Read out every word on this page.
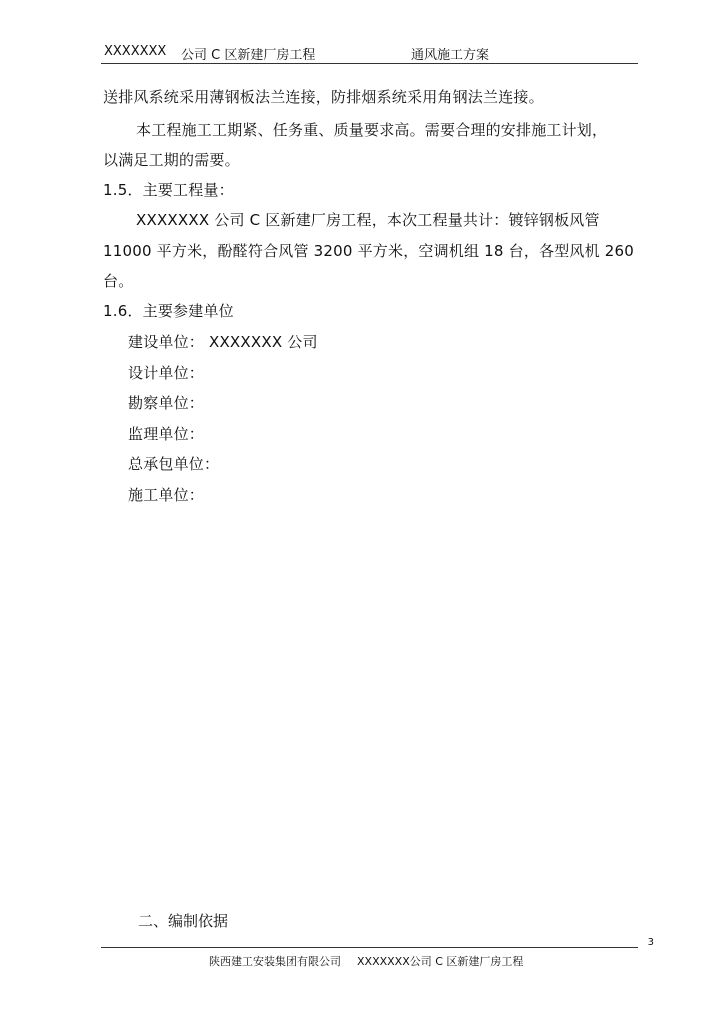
XXXXXXX 公司 C 区新建厂房工程	通风施工方案
送排风系统采用薄钢板法兰连接，防排烟系统采用角钢法兰连接。
本工程施工工期紧、任务重、质量要求高。需要合理的安排施工计划，
以满足工期的需要。
1.5．主要工程量：
XXXXXXX 公司 C 区新建厂房工程，本次工程量共计：镀锌钢板风管
11000 平方米，酚醛符合风管 3200 平方米，空调机组 18 台，各型风机 260
台。
1.6．主要参建单位
建设单位： XXXXXXX 公司
设计单位：
勘察单位：
监理单位：
总承包单位：
施工单位：
二、编制依据
3
陕西建工安装集团有限公司 XXXXXXX公司 C 区新建厂房工程
